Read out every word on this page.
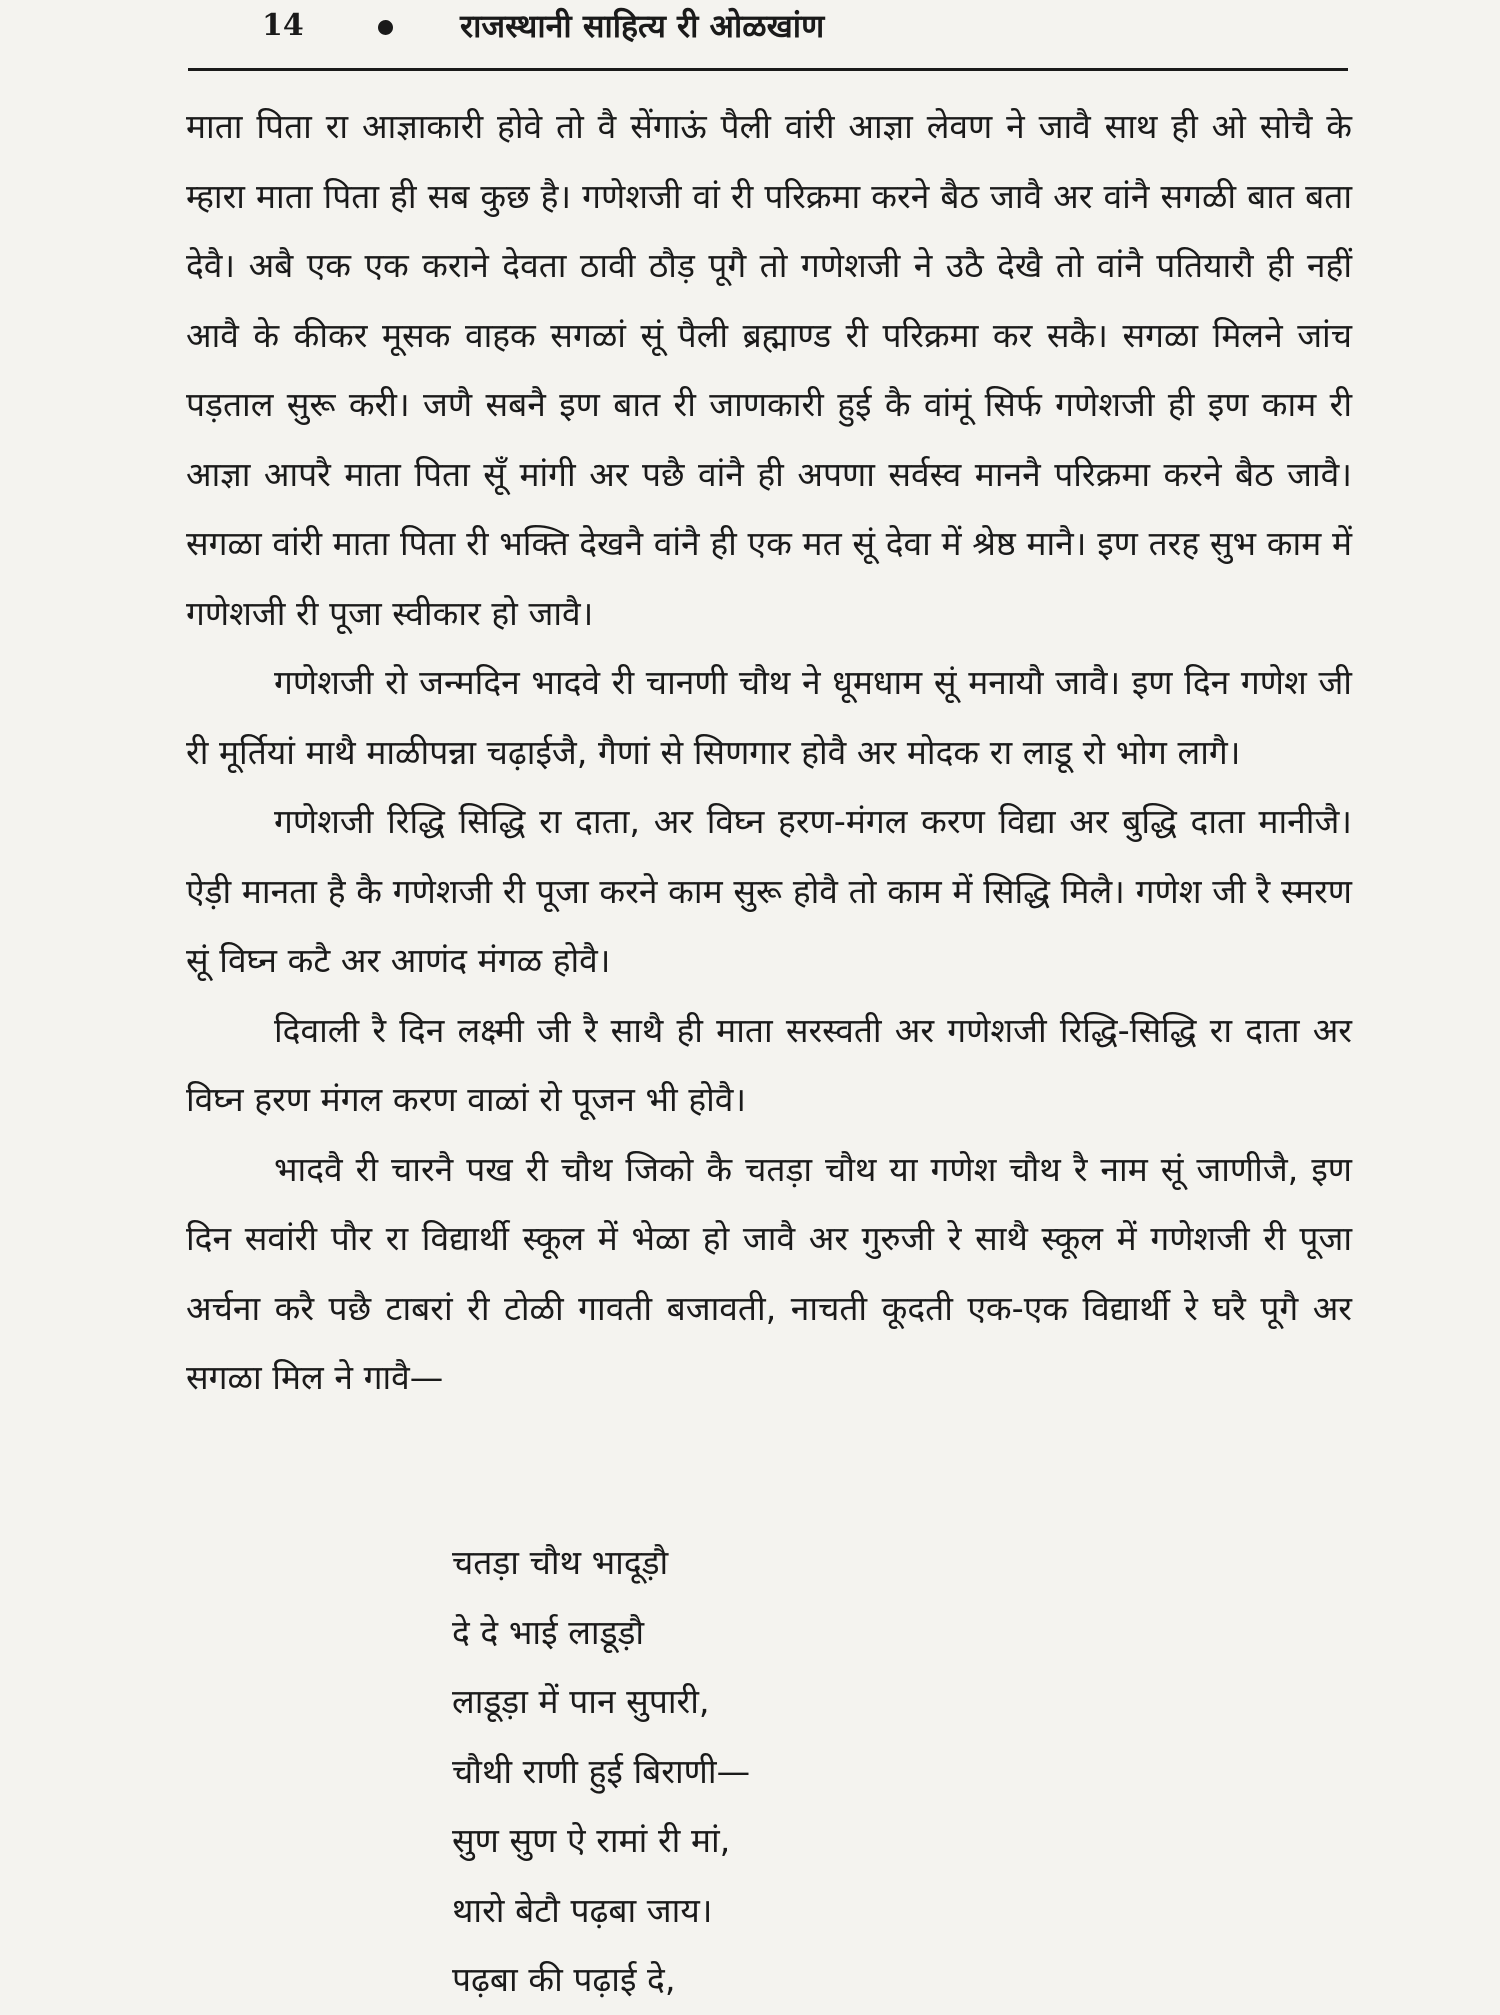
14	राजस्थानी साहित्य री ओळखांण

माता पिता रा आज्ञाकारी होवे तो वै सेंगाऊं पैली वांरी आज्ञा लेवण ने जावै साथ ही ओ सोचै के म्हारा माता पिता ही सब कुछ है। गणेशजी वां री परिक्रमा करने बैठ जावै अर वांनै सगळी बात बता देवै। अबै एक एक कराने देवता ठावी ठौड़ पूगै तो गणेशजी ने उठै देखै तो वांनै पतियारौ ही नहीं आवै के कीकर मूसक वाहक सगळां सूं पैली ब्रह्माण्ड री परिक्रमा कर सकै। सगळा मिलने जांच पड़ताल सुरू करी। जणै सबनै इण बात री जाणकारी हुई कै वांमूं सिर्फ गणेशजी ही इण काम री आज्ञा आपरै माता पिता सूँ मांगी अर पछै वांनै ही अपणा सर्वस्व माननै परिक्रमा करने बैठ जावै। सगळा वांरी माता पिता री भक्ति देखनै वांनै ही एक मत सूं देवा में श्रेष्ठ मानै। इण तरह सुभ काम में गणेशजी री पूजा स्वीकार हो जावै।

गणेशजी रो जन्मदिन भादवे री चानणी चौथ ने धूमधाम सूं मनायौ जावै। इण दिन गणेश जी री मूर्तियां माथै माळीपन्ना चढ़ाईजै, गैणां से सिणगार होवै अर मोदक रा लाडू रो भोग लागै।

गणेशजी रिद्धि सिद्धि रा दाता, अर विघ्न हरण-मंगल करण विद्या अर बुद्धि दाता मानीजै। ऐड़ी मानता है कै गणेशजी री पूजा करने काम सुरू होवै तो काम में सिद्धि मिलै। गणेश जी रै स्मरण सूं विघ्न कटै अर आणंद मंगळ होवै।

दिवाली रै दिन लक्ष्मी जी रै साथै ही माता सरस्वती अर गणेशजी रिद्धि-सिद्धि रा दाता अर विघ्न हरण मंगल करण वाळां रो पूजन भी होवै।

भादवै री चारनै पख री चौथ जिको कै चतड़ा चौथ या गणेश चौथ रै नाम सूं जाणीजै, इण दिन सवांरी पौर रा विद्यार्थी स्कूल में भेळा हो जावै अर गुरुजी रे साथै स्कूल में गणेशजी री पूजा अर्चना करै पछै टाबरां री टोळी गावती बजावती, नाचती कूदती एक-एक विद्यार्थी रे घरै पूगै अर सगळा मिल ने गावै—

चतड़ा चौथ भादूड़ौ
दे दे भाई लाडूड़ौ
लाडूड़ा में पान सुपारी,
चौथी राणी हुई बिराणी—
सुण सुण ऐ रामां री मां,
थारो बेटौ पढ़बा जाय।
पढ़बा की पढ़ाई दे,
